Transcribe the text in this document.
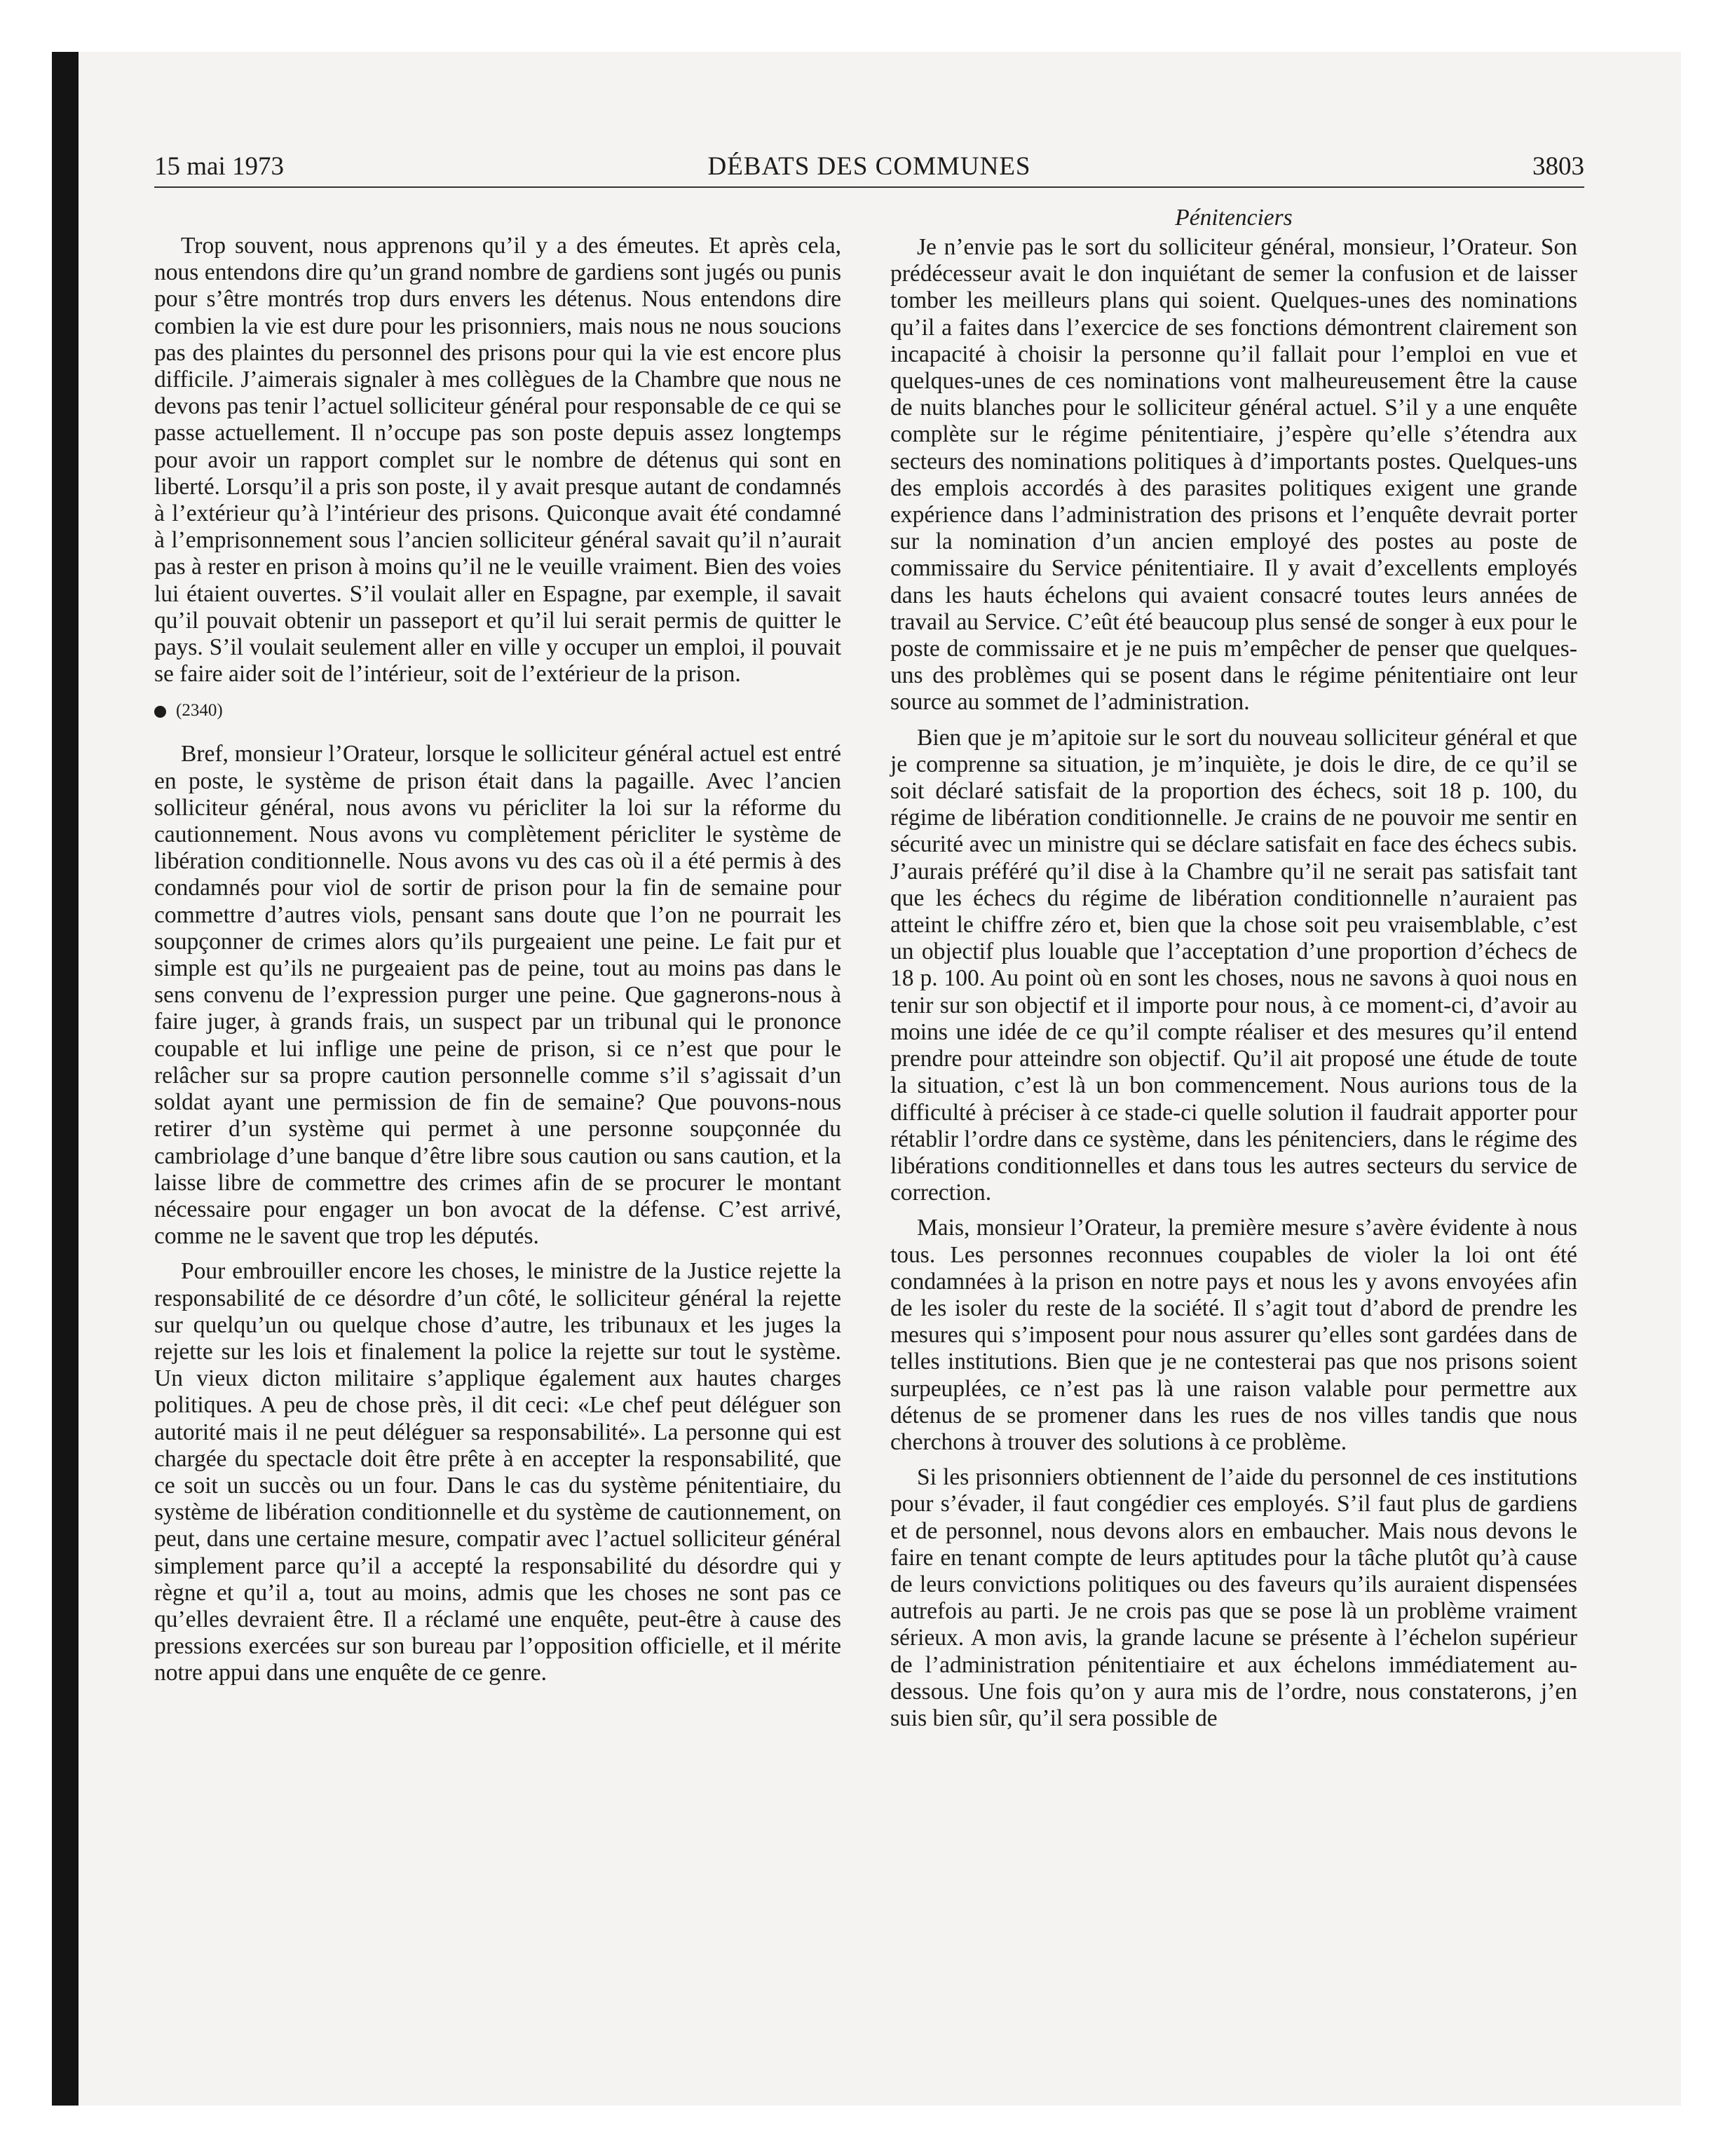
15 mai 1973	DÉBATS DES COMMUNES	3803

Trop souvent, nous apprenons qu’il y a des émeutes. Et après cela, nous entendons dire qu’un grand nombre de gardiens sont jugés ou punis pour s’être montrés trop durs envers les détenus. Nous entendons dire combien la vie est dure pour les prisonniers, mais nous ne nous soucions pas des plaintes du personnel des prisons pour qui la vie est encore plus difficile. J’aimerais signaler à mes collègues de la Chambre que nous ne devons pas tenir l’actuel solliciteur général pour responsable de ce qui se passe actuellement. Il n’occupe pas son poste depuis assez longtemps pour avoir un rapport complet sur le nombre de détenus qui sont en liberté. Lorsqu’il a pris son poste, il y avait presque autant de condamnés à l’extérieur qu’à l’intérieur des prisons. Quiconque avait été condamné à l’emprisonnement sous l’ancien solliciteur général savait qu’il n’aurait pas à rester en prison à moins qu’il ne le veuille vraiment. Bien des voies lui étaient ouvertes. S’il voulait aller en Espagne, par exemple, il savait qu’il pouvait obtenir un passeport et qu’il lui serait permis de quitter le pays. S’il voulait seulement aller en ville y occuper un emploi, il pouvait se faire aider soit de l’intérieur, soit de l’extérieur de la prison.

(2340)

Bref, monsieur l’Orateur, lorsque le solliciteur général actuel est entré en poste, le système de prison était dans la pagaille. Avec l’ancien solliciteur général, nous avons vu péricliter la loi sur la réforme du cautionnement. Nous avons vu complètement péricliter le système de libération conditionnelle. Nous avons vu des cas où il a été permis à des condamnés pour viol de sortir de prison pour la fin de semaine pour commettre d’autres viols, pensant sans doute que l’on ne pourrait les soupçonner de crimes alors qu’ils purgeaient une peine. Le fait pur et simple est qu’ils ne purgeaient pas de peine, tout au moins pas dans le sens convenu de l’expression purger une peine. Que gagnerons-nous à faire juger, à grands frais, un suspect par un tribunal qui le prononce coupable et lui inflige une peine de prison, si ce n’est que pour le relâcher sur sa propre caution personnelle comme s’il s’agissait d’un soldat ayant une permission de fin de semaine? Que pouvons-nous retirer d’un système qui permet à une personne soupçonnée du cambriolage d’une banque d’être libre sous caution ou sans caution, et la laisse libre de commettre des crimes afin de se procurer le montant nécessaire pour engager un bon avocat de la défense. C’est arrivé, comme ne le savent que trop les députés.

Pour embrouiller encore les choses, le ministre de la Justice rejette la responsabilité de ce désordre d’un côté, le solliciteur général la rejette sur quelqu’un ou quelque chose d’autre, les tribunaux et les juges la rejette sur les lois et finalement la police la rejette sur tout le système. Un vieux dicton militaire s’applique également aux hautes charges politiques. A peu de chose près, il dit ceci: «Le chef peut déléguer son autorité mais il ne peut déléguer sa responsabilité». La personne qui est chargée du spectacle doit être prête à en accepter la responsabilité, que ce soit un succès ou un four. Dans le cas du système pénitentiaire, du système de libération conditionnelle et du système de cautionnement, on peut, dans une certaine mesure, compatir avec l’actuel solliciteur général simplement parce qu’il a accepté la responsabilité du désordre qui y règne et qu’il a, tout au moins, admis que les choses ne sont pas ce qu’elles devraient être. Il a réclamé une enquête, peut-être à cause des pressions exercées sur son bureau par l’opposition officielle, et il mérite notre appui dans une enquête de ce genre.

Pénitenciers

Je n’envie pas le sort du solliciteur général, monsieur, l’Orateur. Son prédécesseur avait le don inquiétant de semer la confusion et de laisser tomber les meilleurs plans qui soient. Quelques-unes des nominations qu’il a faites dans l’exercice de ses fonctions démontrent clairement son incapacité à choisir la personne qu’il fallait pour l’emploi en vue et quelques-unes de ces nominations vont malheureusement être la cause de nuits blanches pour le solliciteur général actuel. S’il y a une enquête complète sur le régime pénitentiaire, j’espère qu’elle s’étendra aux secteurs des nominations politiques à d’importants postes. Quelques-uns des emplois accordés à des parasites politiques exigent une grande expérience dans l’administration des prisons et l’enquête devrait porter sur la nomination d’un ancien employé des postes au poste de commissaire du Service pénitentiaire. Il y avait d’excellents employés dans les hauts échelons qui avaient consacré toutes leurs années de travail au Service. C’eût été beaucoup plus sensé de songer à eux pour le poste de commissaire et je ne puis m’empêcher de penser que quelques-uns des problèmes qui se posent dans le régime pénitentiaire ont leur source au sommet de l’administration.

Bien que je m’apitoie sur le sort du nouveau solliciteur général et que je comprenne sa situation, je m’inquiète, je dois le dire, de ce qu’il se soit déclaré satisfait de la proportion des échecs, soit 18 p. 100, du régime de libération conditionnelle. Je crains de ne pouvoir me sentir en sécurité avec un ministre qui se déclare satisfait en face des échecs subis. J’aurais préféré qu’il dise à la Chambre qu’il ne serait pas satisfait tant que les échecs du régime de libération conditionnelle n’auraient pas atteint le chiffre zéro et, bien que la chose soit peu vraisemblable, c’est un objectif plus louable que l’acceptation d’une proportion d’échecs de 18 p. 100. Au point où en sont les choses, nous ne savons à quoi nous en tenir sur son objectif et il importe pour nous, à ce moment-ci, d’avoir au moins une idée de ce qu’il compte réaliser et des mesures qu’il entend prendre pour atteindre son objectif. Qu’il ait proposé une étude de toute la situation, c’est là un bon commencement. Nous aurions tous de la difficulté à préciser à ce stade-ci quelle solution il faudrait apporter pour rétablir l’ordre dans ce système, dans les pénitenciers, dans le régime des libérations conditionnelles et dans tous les autres secteurs du service de correction.

Mais, monsieur l’Orateur, la première mesure s’avère évidente à nous tous. Les personnes reconnues coupables de violer la loi ont été condamnées à la prison en notre pays et nous les y avons envoyées afin de les isoler du reste de la société. Il s’agit tout d’abord de prendre les mesures qui s’imposent pour nous assurer qu’elles sont gardées dans de telles institutions. Bien que je ne contesterai pas que nos prisons soient surpeuplées, ce n’est pas là une raison valable pour permettre aux détenus de se promener dans les rues de nos villes tandis que nous cherchons à trouver des solutions à ce problème.

Si les prisonniers obtiennent de l’aide du personnel de ces institutions pour s’évader, il faut congédier ces employés. S’il faut plus de gardiens et de personnel, nous devons alors en embaucher. Mais nous devons le faire en tenant compte de leurs aptitudes pour la tâche plutôt qu’à cause de leurs convictions politiques ou des faveurs qu’ils auraient dispensées autrefois au parti. Je ne crois pas que se pose là un problème vraiment sérieux. A mon avis, la grande lacune se présente à l’échelon supérieur de l’administration pénitentiaire et aux échelons immédiatement au-dessous. Une fois qu’on y aura mis de l’ordre, nous constaterons, j’en suis bien sûr, qu’il sera possible de
